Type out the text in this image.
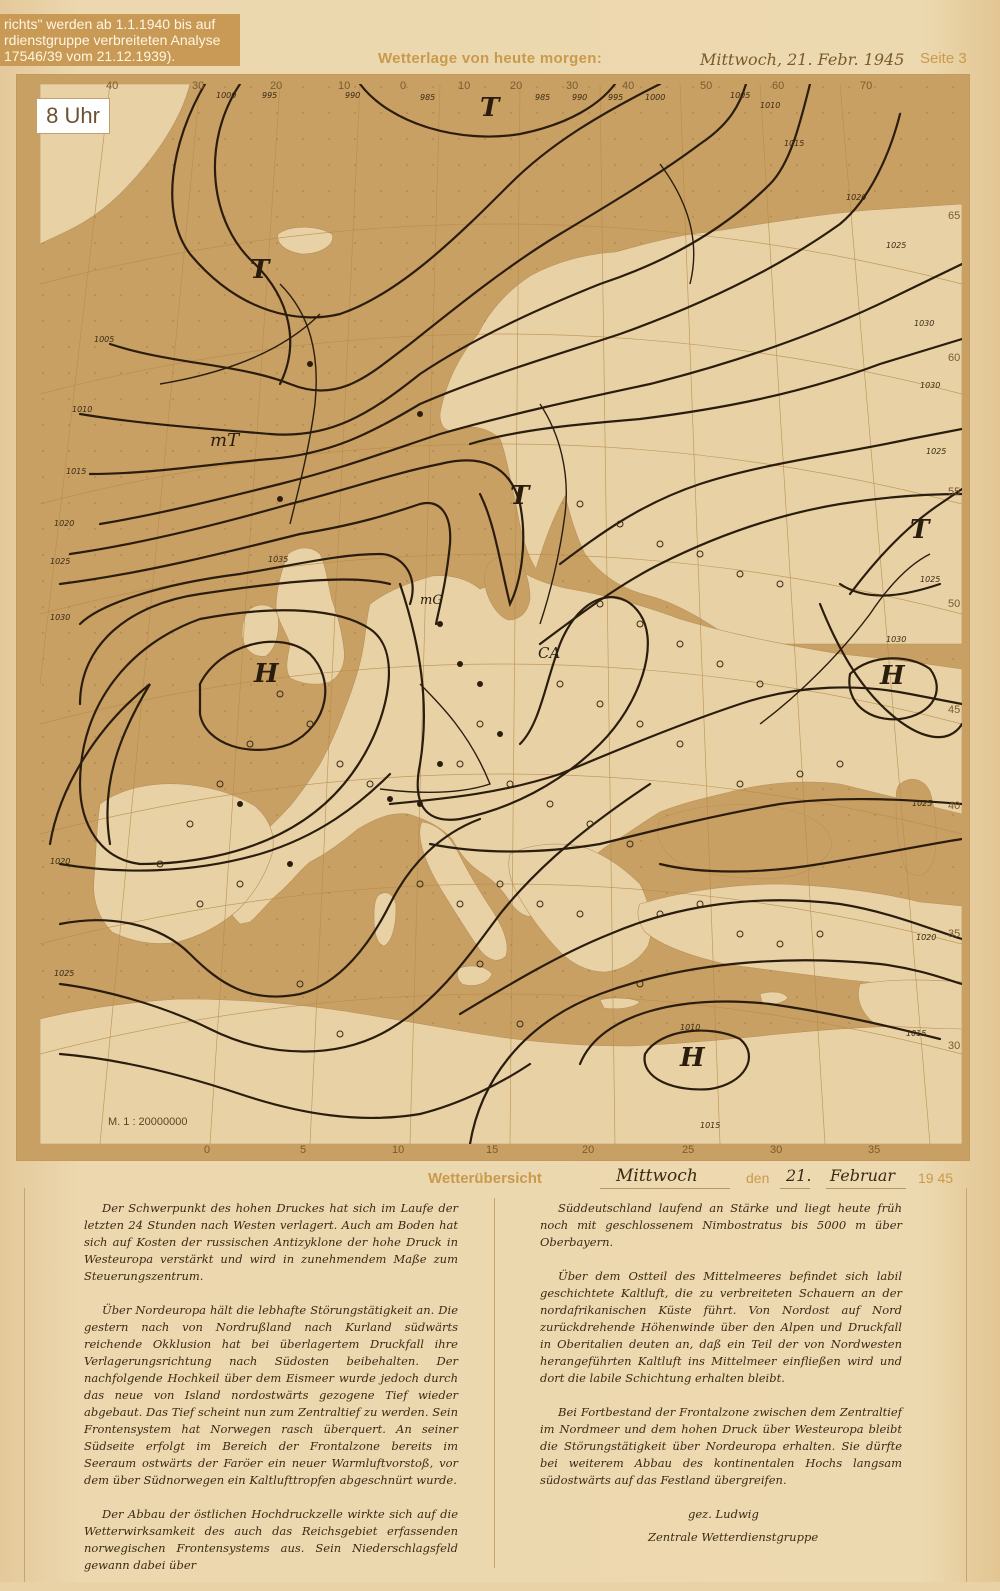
richts" werden ab 1.1.1940 bis auf
rdienstgruppe verbreiteten Analyse
17546/39 vom 21.12.1939).	Wetterlage von heute morgen:	Mittwoch, 21. Febr. 1945 Seite 3
T
T
T
T
H	H
H
mT
CA
mG
1000	995	990	985	985	990	995	1000	1005
1010
1015
1020
1025
1030
1005
1010
1015
1020
1025
1030
1035
1020
1025
1030
1025
1025
1030
1025
1020
1015
1010
1015
8 Uhr
40	30	20	10	0	10	20	30	40	50	60	70
0	5	10	15	20	25	30	35
65
60
55
50
45
40
35
30
M. 1 : 20000000
Wetterübersicht	Mittwoch	den 21. Februar 19 45

Der Schwerpunkt des hohen Druckes hat sich im Laufe der letzten 24 Stunden nach Westen verlagert. Auch am Boden hat sich auf Kosten der russischen Antizyklone der hohe Druck in Westeuropa verstärkt und wird in zunehmendem Maße zum Steuerungszentrum.

Über Nordeuropa hält die lebhafte Störungstätigkeit an. Die gestern nach von Nordrußland nach Kurland südwärts reichende Okklusion hat bei überlagertem Druckfall ihre Verlagerungsrichtung nach Südosten beibehalten. Der nachfolgende Hochkeil über dem Eismeer wurde jedoch durch das neue von Island nordostwärts gezogene Tief wieder abgebaut. Das Tief scheint nun zum Zentraltief zu werden. Sein Frontensystem hat Norwegen rasch überquert. An seiner Südseite erfolgt im Bereich der Frontalzone bereits im Seeraum ostwärts der Faröer ein neuer Warmluftvorstoß, vor dem über Südnorwegen ein Kaltlufttropfen abgeschnürt wurde.

Der Abbau der östlichen Hochdruckzelle wirkte sich auf die Wetterwirksamkeit des auch das Reichsgebiet erfassenden norwegischen Frontensystems aus. Sein Niederschlagsfeld gewann dabei über

Süddeutschland laufend an Stärke und liegt heute früh noch mit geschlossenem Nimbostratus bis 5000 m über Oberbayern.

Über dem Ostteil des Mittelmeeres befindet sich labil geschichtete Kaltluft, die zu verbreiteten Schauern an der nordafrikanischen Küste führt. Von Nordost auf Nord zurückdrehende Höhenwinde über den Alpen und Druckfall in Oberitalien deuten an, daß ein Teil der von Nordwesten herangeführten Kaltluft ins Mittelmeer einfließen wird und dort die labile Schichtung erhalten bleibt.

Bei Fortbestand der Frontalzone zwischen dem Zentraltief im Nordmeer und dem hohen Druck über Westeuropa bleibt die Störungstätigkeit über Nordeuropa erhalten. Sie dürfte bei weiterem Abbau des kontinentalen Hochs langsam südostwärts auf das Festland übergreifen.

gez. Ludwig

Zentrale Wetterdienstgruppe
